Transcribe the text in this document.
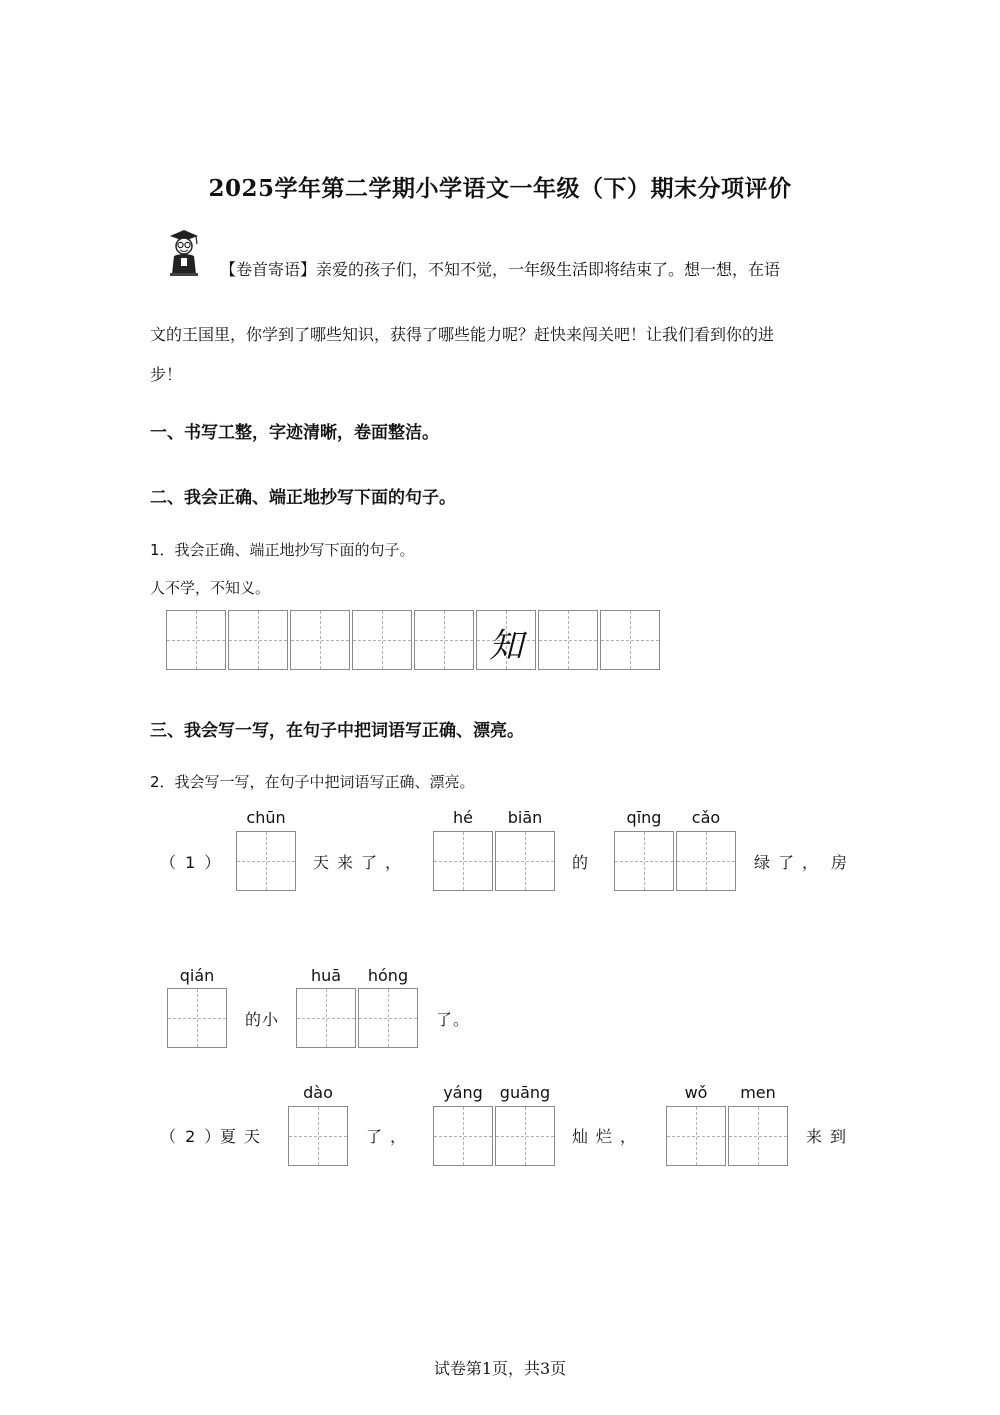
2025学年第二学期小学语文一年级（下）期末分项评价
【卷首寄语】亲爱的孩子们，不知不觉，一年级生活即将结束了。想一想，在语
文的王国里，你学到了哪些知识，获得了哪些能力呢？赶快来闯关吧！让我们看到你的进
步！
一、书写工整，字迹清晰，卷面整洁。
二、我会正确、端正地抄写下面的句子。
1．我会正确、端正地抄写下面的句子。
人不学，不知义。
知
三、我会写一写，在句子中把词语写正确、漂亮。
2．我会写一写，在句子中把词语写正确、漂亮。
（ 1 ）
chūn
天来了，
hé	biān
的
qīng	cǎo
绿了， 房
qián
的小
huā	hóng
了。
（ 2 ）
夏天
dào
了，
yáng	guāng
灿烂，
wǒ	men
来到
试卷第1页，共3页
